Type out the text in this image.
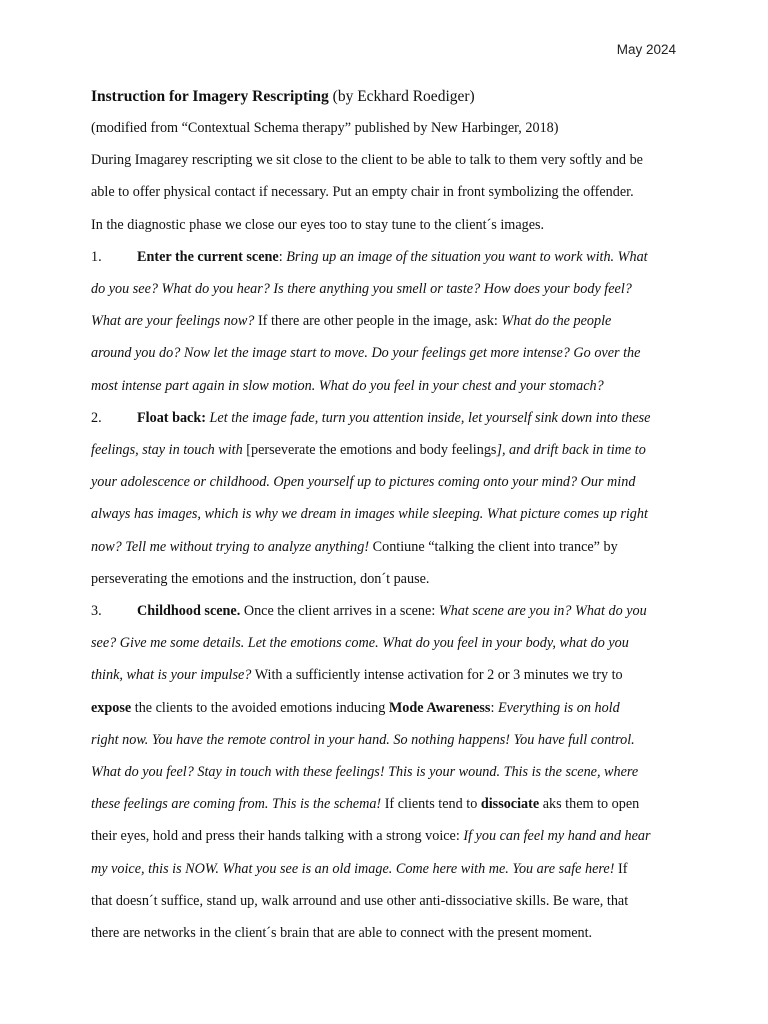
May 2024
Instruction for Imagery Rescripting (by Eckhard Roediger)
(modified from “Contextual Schema therapy” published by New Harbinger, 2018)
During Imagarey rescripting we sit close to the client to be able to talk to them very softly and be
able to offer physical contact if necessary. Put an empty chair in front symbolizing the offender.
In the diagnostic phase we close our eyes too to stay tune to the client´s images.
1. Enter the current scene: Bring up an image of the situation you want to work with. What
do you see? What do you hear? Is there anything you smell or taste? How does your body feel?
What are your feelings now? If there are other people in the image, ask: What do the people
around you do? Now let the image start to move. Do your feelings get more intense? Go over the
most intense part again in slow motion. What do you feel in your chest and your stomach?
2. Float back: Let the image fade, turn you attention inside, let yourself sink down into these
feelings, stay in touch with [perseverate the emotions and body feelings], and drift back in time to
your adolescence or childhood. Open yourself up to pictures coming onto your mind? Our mind
always has images, which is why we dream in images while sleeping. What picture comes up right
now? Tell me without trying to analyze anything! Contiune “talking the client into trance” by
perseverating the emotions and the instruction, don´t pause.
3. Childhood scene. Once the client arrives in a scene: What scene are you in? What do you
see? Give me some details. Let the emotions come. What do you feel in your body, what do you
think, what is your impulse? With a sufficiently intense activation for 2 or 3 minutes we try to
expose the clients to the avoided emotions inducing Mode Awareness: Everything is on hold
right now. You have the remote control in your hand. So nothing happens! You have full control.
What do you feel? Stay in touch with these feelings! This is your wound. This is the scene, where
these feelings are coming from. This is the schema! If clients tend to dissociate aks them to open
their eyes, hold and press their hands talking with a strong voice: If you can feel my hand and hear
my voice, this is NOW. What you see is an old image. Come here with me. You are safe here! If
that doesn´t suffice, stand up, walk arround and use other anti-dissociative skills. Be ware, that
there are networks in the client´s brain that are able to connect with the present moment.
